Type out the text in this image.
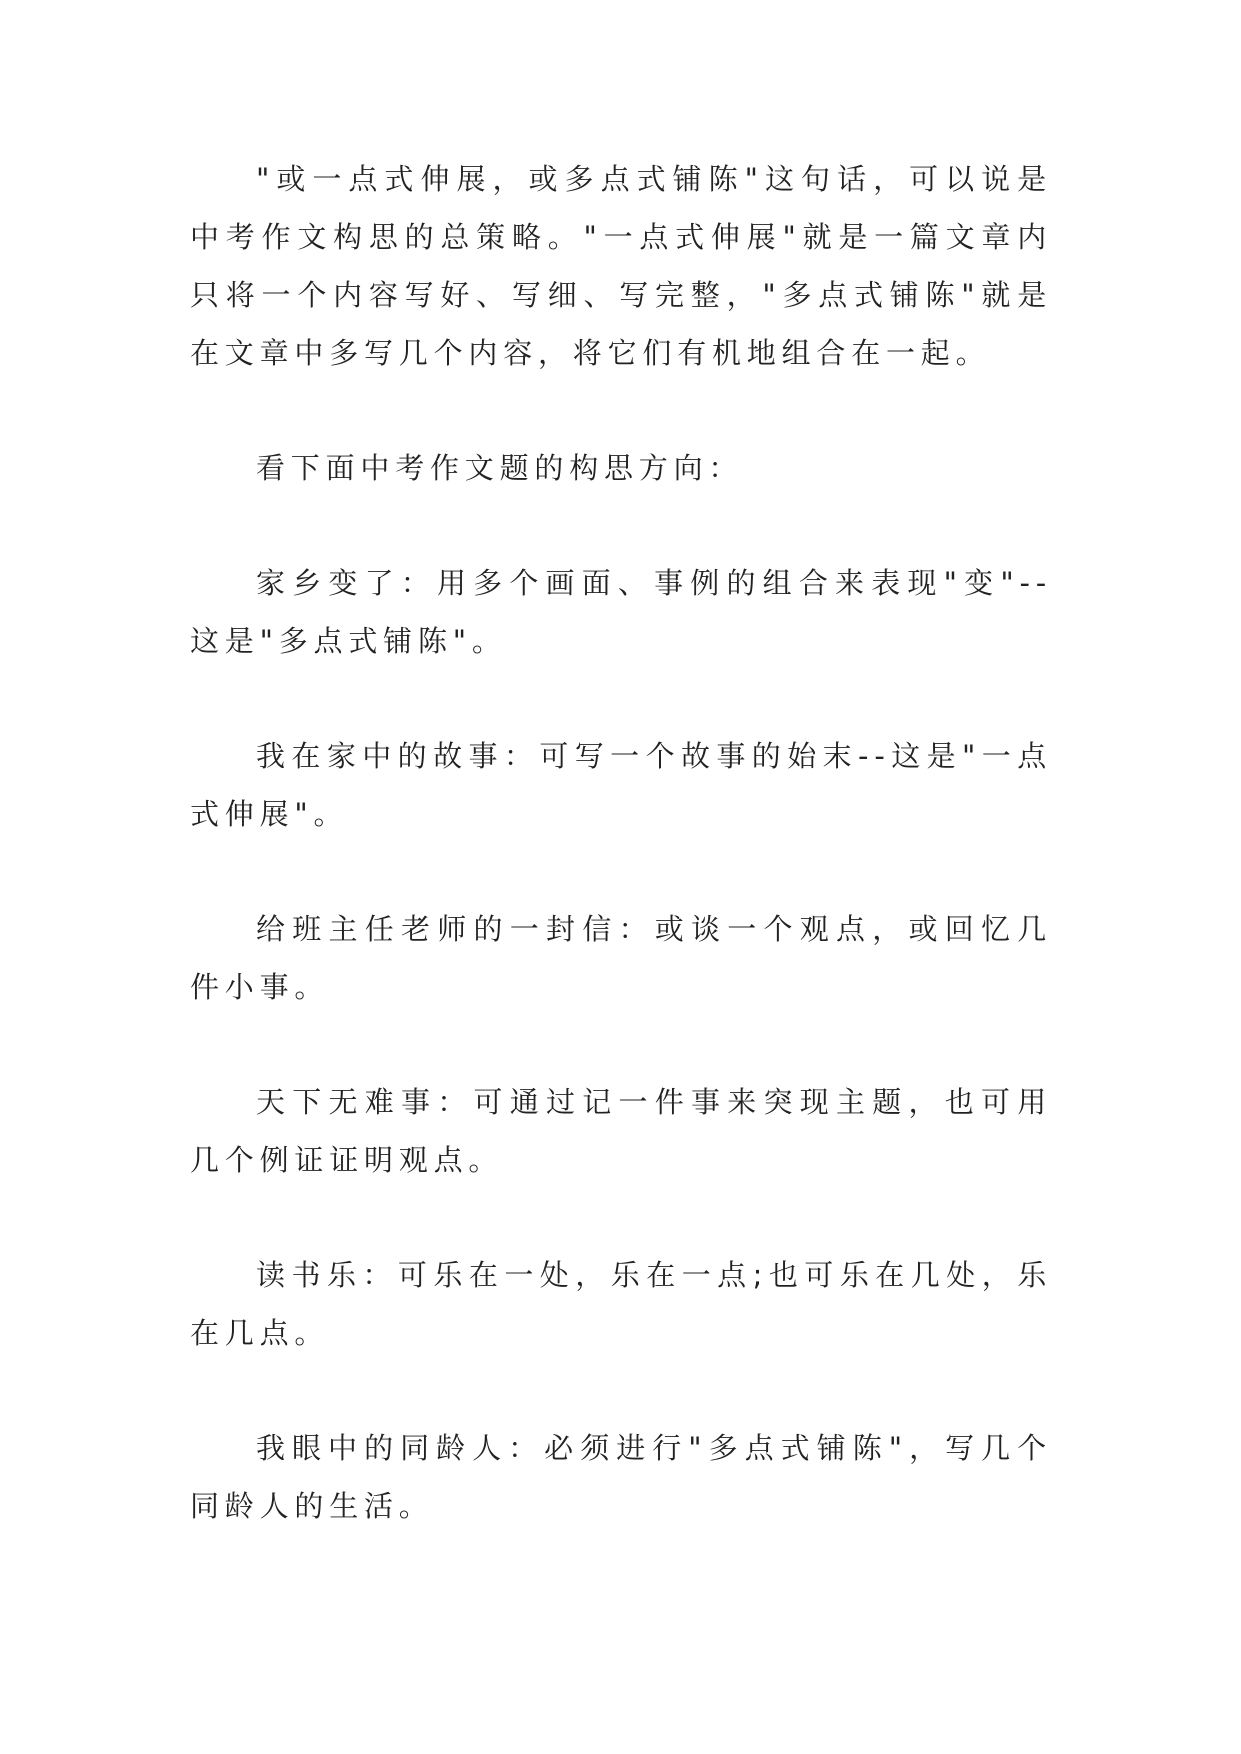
"或一点式伸展，或多点式铺陈"这句话，可以说是中考作文构思的总策略。"一点式伸展"就是一篇文章内只将一个内容写好、写细、写完整，"多点式铺陈"就是在文章中多写几个内容，将它们有机地组合在一起。

看下面中考作文题的构思方向：

家乡变了：用多个画面、事例的组合来表现"变"--这是"多点式铺陈"。

我在家中的故事：可写一个故事的始末--这是"一点式伸展"。

给班主任老师的一封信：或谈一个观点，或回忆几件小事。

天下无难事：可通过记一件事来突现主题，也可用几个例证证明观点。

读书乐：可乐在一处，乐在一点;也可乐在几处，乐在几点。

我眼中的同龄人：必须进行"多点式铺陈"，写几个同龄人的生活。
